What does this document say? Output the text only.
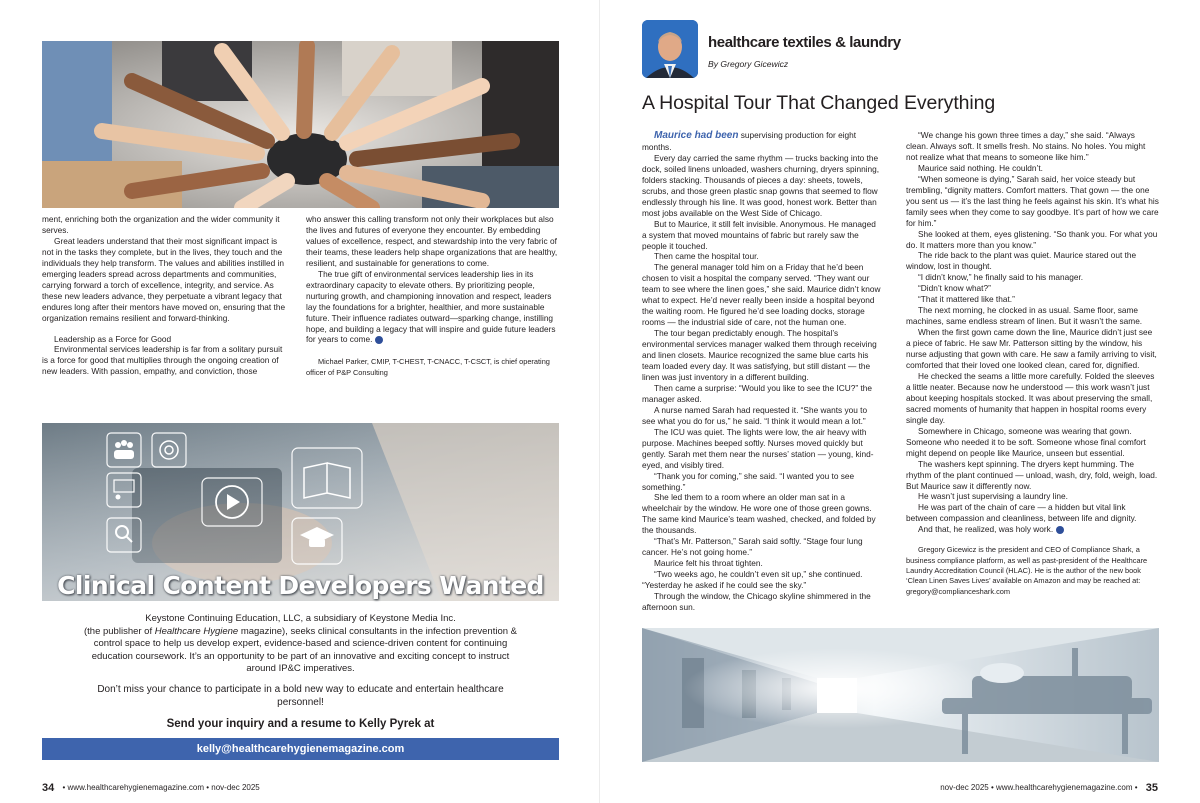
ment, enriching both the organization and the wider community it serves.

Great leaders understand that their most significant impact is not in the tasks they complete, but in the lives, they touch and the individuals they help transform. The values and abilities instilled in emerging leaders spread across departments and communities, carrying forward a torch of excellence, integrity, and service. As these new leaders advance, they perpetuate a vibrant legacy that endures long after their mentors have moved on, ensuring that the organization remains resilient and forward-thinking.

Leadership as a Force for Good

Environmental services leadership is far from a solitary pursuit is a force for good that multiplies through the ongoing creation of new leaders. With passion, empathy, and conviction, those

who answer this calling transform not only their workplaces but also the lives and futures of everyone they encounter. By embedding values of excellence, respect, and stewardship into the very fabric of their teams, these leaders help shape organizations that are healthy, resilient, and sustainable for generations to come.

The true gift of environmental services leadership lies in its extraordinary capacity to elevate others. By prioritizing people, nurturing growth, and championing innovation and respect, leaders lay the foundations for a brighter, healthier, and more sustainable future. Their influence radiates outward—sparking change, instilling hope, and building a legacy that will inspire and guide future leaders for years to come.

Michael Parker, CMIP, T-CHEST, T-CNACC, T-CSCT, is chief operating officer of P&P Consulting

Clinical Content Developers Wanted
Keystone Continuing Education, LLC, a subsidiary of Keystone Media Inc.
(the publisher of Healthcare Hygiene magazine), seeks clinical consultants in the infection prevention & control space to help us develop expert, evidence-based and science-driven content for continuing education coursework. It’s an opportunity to be part of an innovative and exciting concept to instruct around IP&C imperatives.
Don’t miss your chance to participate in a bold new way to educate and entertain healthcare personnel!
Send your inquiry and a resume to Kelly Pyrek at
kelly@healthcarehygienemagazine.com
34 • www.healthcarehygienemagazine.com • nov-dec 2025
healthcare textiles & laundry
By Gregory Gicewicz
A Hospital Tour That Changed Everything

Maurice had been supervising production for eight months.

Every day carried the same rhythm — trucks backing into the dock, soiled linens unloaded, washers churning, dryers spinning, folders stacking. Thousands of pieces a day: sheets, towels, scrubs, and those green plastic snap gowns that seemed to flow endlessly through his line. It was good, honest work. Better than most jobs available on the West Side of Chicago.

But to Maurice, it still felt invisible. Anonymous. He managed a system that moved mountains of fabric but rarely saw the people it touched.

Then came the hospital tour.

The general manager told him on a Friday that he’d been chosen to visit a hospital the company served. “They want our team to see where the linen goes,” she said. Maurice didn’t know what to expect. He’d never really been inside a hospital beyond the waiting room. He figured he’d see loading docks, storage rooms — the industrial side of care, not the human one.

The tour began predictably enough. The hospital’s environmental services manager walked them through receiving and linen closets. Maurice recognized the same blue carts his team loaded every day. It was satisfying, but still distant — the linen was just inventory in a different building.

Then came a surprise: “Would you like to see the ICU?” the manager asked.

A nurse named Sarah had requested it. “She wants you to see what you do for us,” he said. “I think it would mean a lot.”

The ICU was quiet. The lights were low, the air heavy with purpose. Machines beeped softly. Nurses moved quickly but gently. Sarah met them near the nurses’ station — young, kind-eyed, and visibly tired.

“Thank you for coming,” she said. “I wanted you to see something.”

She led them to a room where an older man sat in a wheelchair by the window. He wore one of those green gowns. The same kind Maurice’s team washed, checked, and folded by the thousands.

“That’s Mr. Patterson,” Sarah said softly. “Stage four lung cancer. He’s not going home.”

Maurice felt his throat tighten.

“Two weeks ago, he couldn’t even sit up,” she continued. “Yesterday he asked if he could see the sky.”

Through the window, the Chicago skyline shimmered in the afternoon sun.

“We change his gown three times a day,” she said. “Always clean. Always soft. It smells fresh. No stains. No holes. You might not realize what that means to someone like him.”

Maurice said nothing. He couldn’t.

“When someone is dying,” Sarah said, her voice steady but trembling, “dignity matters. Comfort matters. That gown — the one you sent us — it’s the last thing he feels against his skin. It’s what his family sees when they come to say goodbye. It’s part of how we care for him.”

She looked at them, eyes glistening. “So thank you. For what you do. It matters more than you know.”

The ride back to the plant was quiet. Maurice stared out the window, lost in thought.

“I didn’t know,” he finally said to his manager.

“Didn’t know what?”

“That it mattered like that.”

The next morning, he clocked in as usual. Same floor, same machines, same endless stream of linen. But it wasn’t the same.

When the first gown came down the line, Maurice didn’t just see a piece of fabric. He saw Mr. Patterson sitting by the window, his nurse adjusting that gown with care. He saw a family arriving to visit, comforted that their loved one looked clean, cared for, dignified.

He checked the seams a little more carefully. Folded the sleeves a little neater. Because now he understood — this work wasn’t just about keeping hospitals stocked. It was about preserving the small, sacred moments of humanity that happen in hospital rooms every single day.

Somewhere in Chicago, someone was wearing that gown. Someone who needed it to be soft. Someone whose final comfort might depend on people like Maurice, unseen but essential.

The washers kept spinning. The dryers kept humming. The rhythm of the plant continued — unload, wash, dry, fold, weigh, load. But Maurice saw it differently now.

He wasn’t just supervising a laundry line.

He was part of the chain of care — a hidden but vital link between compassion and cleanliness, between life and dignity.

And that, he realized, was holy work.

Gregory Gicewicz is the president and CEO of Compliance Shark, a business compliance platform, as well as past-president of the Healthcare Laundry Accreditation Council (HLAC). He is the author of the new book ‘Clean Linen Saves Lives’ available on Amazon and may be reached at: gregory@complianceshark.com

nov-dec 2025 • www.healthcarehygienemagazine.com • 35
